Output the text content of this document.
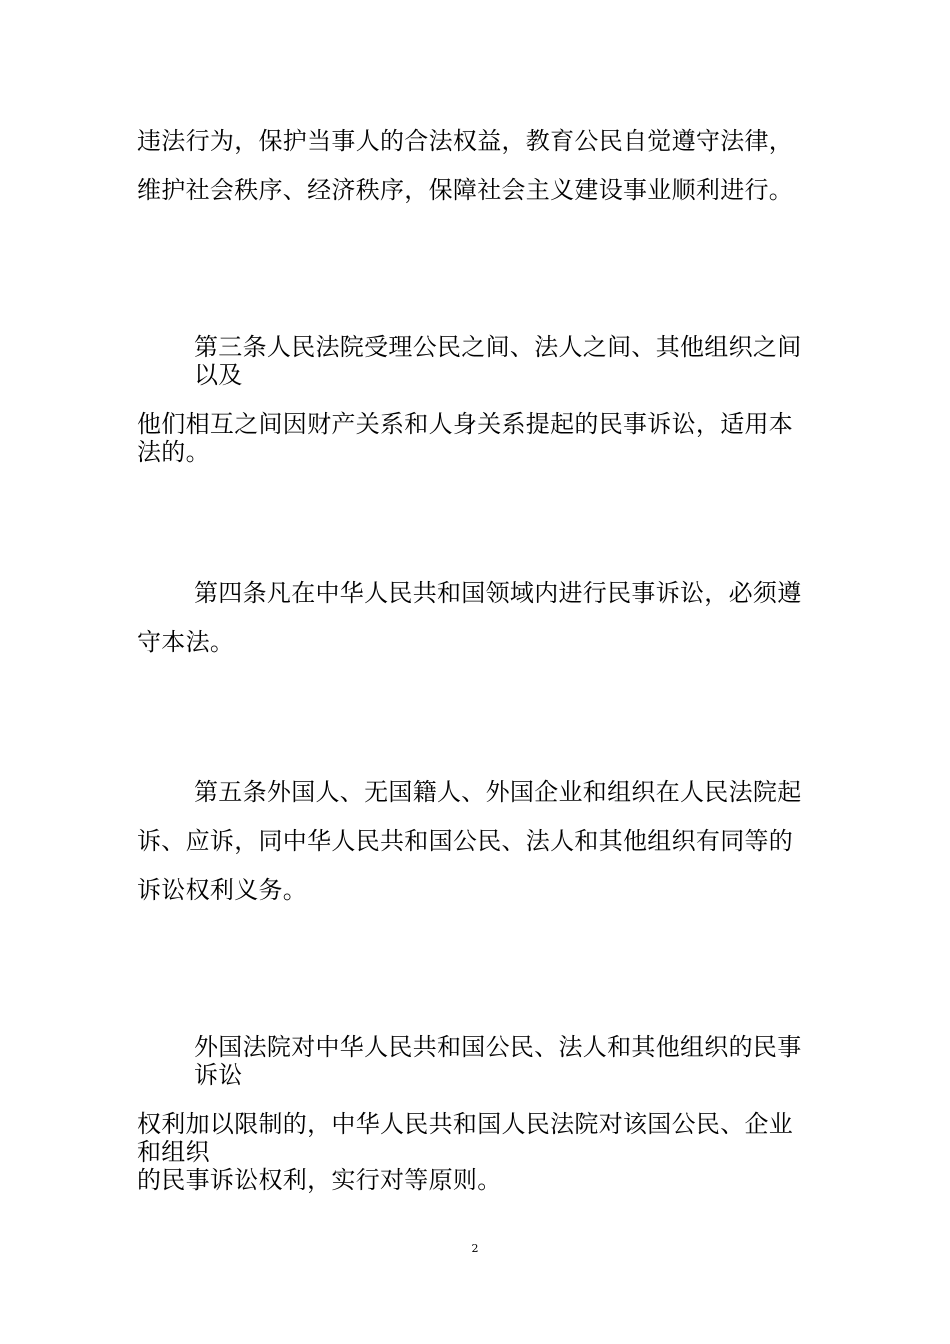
违法行为，保护当事人的合法权益，教育公民自觉遵守法律，
维护社会秩序、经济秩序，保障社会主义建设事业顺利进行。
第三条人民法院受理公民之间、法人之间、其他组织之间
以及
他们相互之间因财产关系和人身关系提起的民事诉讼，适用本
法的。
第四条凡在中华人民共和国领域内进行民事诉讼，必须遵
守本法。
第五条外国人、无国籍人、外国企业和组织在人民法院起
诉、应诉，同中华人民共和国公民、法人和其他组织有同等的
诉讼权利义务。
外国法院对中华人民共和国公民、法人和其他组织的民事
诉讼
权利加以限制的，中华人民共和国人民法院对该国公民、企业
和组织
的民事诉讼权利，实行对等原则。
2
